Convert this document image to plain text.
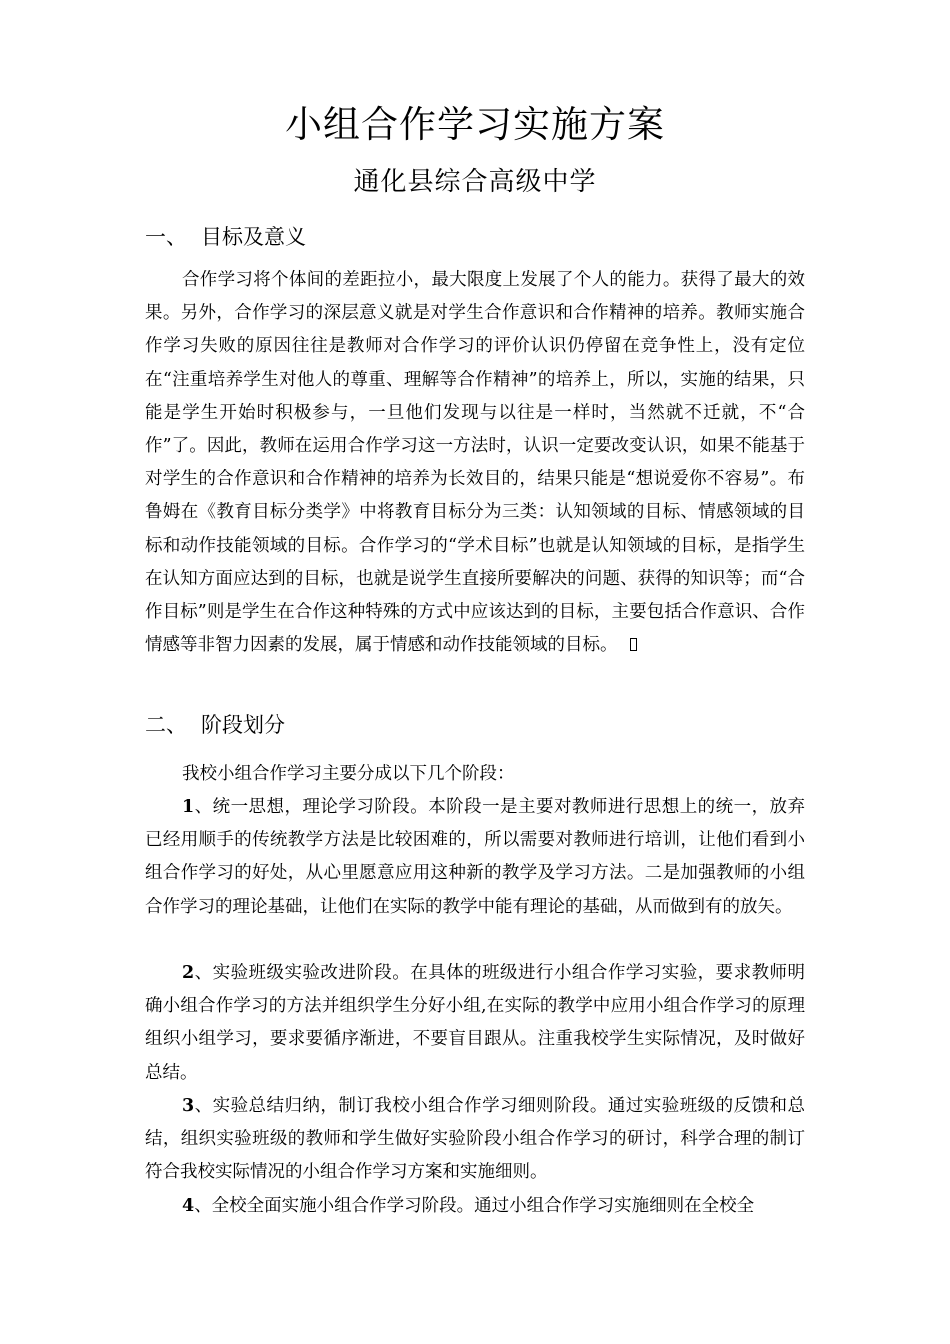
小组合作学习实施方案
通化县综合高级中学
一、 目标及意义

合作学习将个体间的差距拉小，最大限度上发展了个人的能力。获得了最大的效果。另外，合作学习的深层意义就是对学生合作意识和合作精神的培养。教师实施合作学习失败的原因往往是教师对合作学习的评价认识仍停留在竞争性上，没有定位在“注重培养学生对他人的尊重、理解等合作精神”的培养上，所以，实施的结果，只能是学生开始时积极参与，一旦他们发现与以往是一样时，当然就不迁就，不“合作”了。因此，教师在运用合作学习这一方法时，认识一定要改变认识，如果不能基于对学生的合作意识和合作精神的培养为长效目的，结果只能是“想说爱你不容易”。布鲁姆在《教育目标分类学》中将教育目标分为三类：认知领域的目标、情感领域的目标和动作技能领域的目标。合作学习的“学术目标”也就是认知领域的目标，是指学生在认知方面应达到的目标，也就是说学生直接所要解决的问题、获得的知识等；而“合作目标”则是学生在合作这种特殊的方式中应该达到的目标，主要包括合作意识、合作情感等非智力因素的发展，属于情感和动作技能领域的目标。

二、 阶段划分

我校小组合作学习主要分成以下几个阶段：

1、统一思想，理论学习阶段。本阶段一是主要对教师进行思想上的统一，放弃已经用顺手的传统教学方法是比较困难的，所以需要对教师进行培训，让他们看到小组合作学习的好处，从心里愿意应用这种新的教学及学习方法。二是加强教师的小组合作学习的理论基础，让他们在实际的教学中能有理论的基础，从而做到有的放矢。

2、实验班级实验改进阶段。在具体的班级进行小组合作学习实验，要求教师明确小组合作学习的方法并组织学生分好小组,在实际的教学中应用小组合作学习的原理组织小组学习，要求要循序渐进，不要盲目跟从。注重我校学生实际情况，及时做好总结。

3、实验总结归纳，制订我校小组合作学习细则阶段。通过实验班级的反馈和总结，组织实验班级的教师和学生做好实验阶段小组合作学习的研讨，科学合理的制订符合我校实际情况的小组合作学习方案和实施细则。

4、全校全面实施小组合作学习阶段。通过小组合作学习实施细则在全校全
